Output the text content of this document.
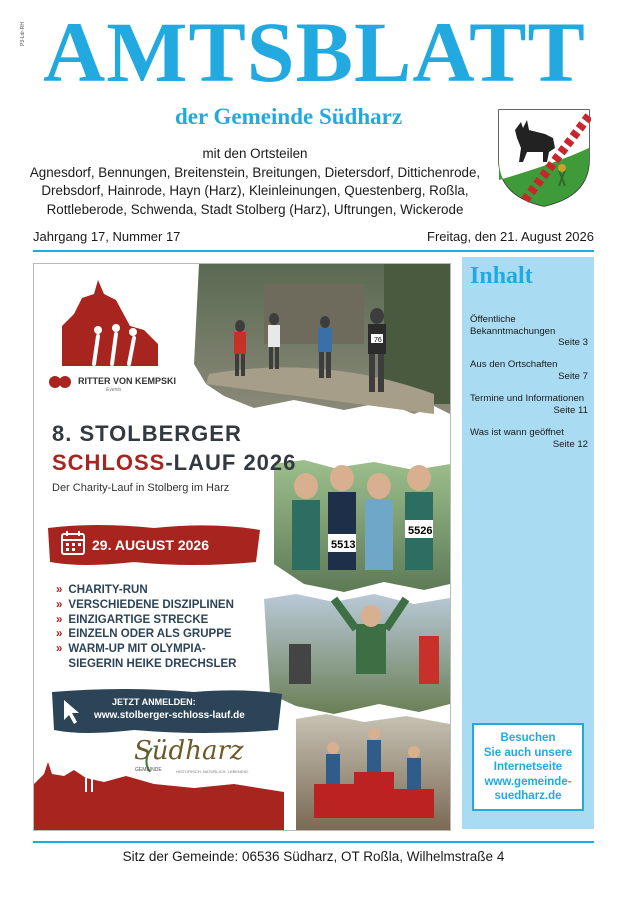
P3-Ldr-RH AMTSBLATT
der Gemeinde Südharz
mit den Ortsteilen
Agnesdorf, Bennungen, Breitenstein, Breitungen, Dietersdorf, Dittichenrode,
Drebsdorf, Hainrode, Hayn (Harz), Kleinleinungen, Questenberg, Roßla,
Rottleberode, Schwenda, Stadt Stolberg (Harz), Uftrungen, Wickerode
Jahrgang 17, Nummer 17	Freitag, den 21. August 2026
76
5513
5526
RITTER VON KEMPSKI
Events
8. STOLBERGER
SCHLOSS-LAUF 2026
Der Charity-Lauf in Stolberg im Harz
29. AUGUST 2026
» CHARITY-RUN
» VERSCHIEDENE DISZIPLINEN
» EINZIGARTIGE STRECKE
» EINZELN ODER ALS GRUPPE
» WARM-UP MIT OLYMPIA-
SIEGERIN HEIKE DRECHSLER
JETZT ANMELDEN:
www.stolberger-schloss-lauf.de
GEMEINDE
Südharz
HISTORISCH. NATÜRLICH. LEBENDIG.
Inhalt
Öffentliche Bekanntmachungen
Seite 3
Aus den Ortschaften
Seite 7
Termine und Informationen
Seite 11
Was ist wann geöffnet
Seite 12
Besuchen
Sie auch unsere
Internetseite
www.gemeinde-
suedharz.de
Sitz der Gemeinde: 06536 Südharz, OT Roßla, Wilhelmstraße 4
